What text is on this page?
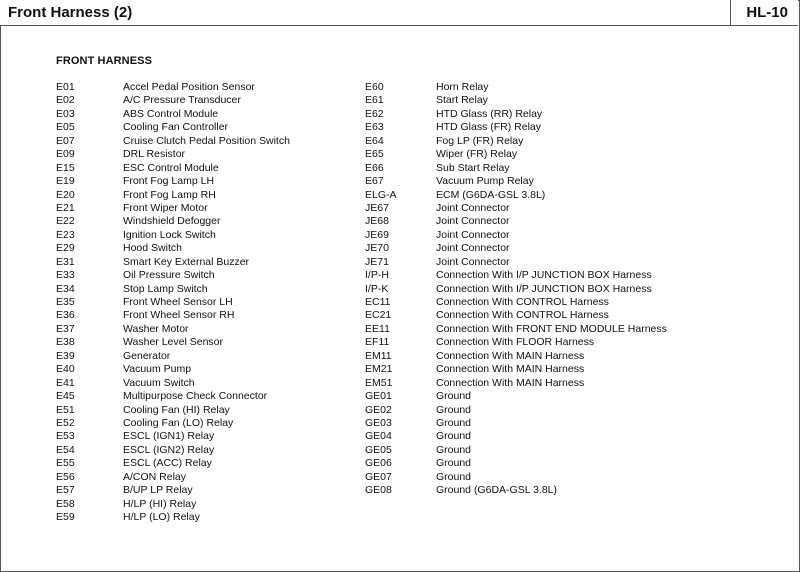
Front Harness (2)	HL-10
FRONT HARNESS
E01	Accel Pedal Position Sensor
E02	A/C Pressure Transducer
E03	ABS Control Module
E05	Cooling Fan Controller
E07	Cruise Clutch Pedal Position Switch
E09	DRL Resistor
E15	ESC Control Module
E19	Front Fog Lamp LH
E20	Front Fog Lamp RH
E21	Front Wiper Motor
E22	Windshield Defogger
E23	Ignition Lock Switch
E29	Hood Switch
E31	Smart Key External Buzzer
E33	Oil Pressure Switch
E34	Stop Lamp Switch
E35	Front Wheel Sensor LH
E36	Front Wheel Sensor RH
E37	Washer Motor
E38	Washer Level Sensor
E39	Generator
E40	Vacuum Pump
E41	Vacuum Switch
E45	Multipurpose Check Connector
E51	Cooling Fan (HI) Relay
E52	Cooling Fan (LO) Relay
E53	ESCL (IGN1) Relay
E54	ESCL (IGN2) Relay
E55	ESCL (ACC) Relay
E56	A/CON Relay
E57	B/UP LP Relay
E58	H/LP (HI) Relay
E59	H/LP (LO) Relay
E60	Horn Relay
E61	Start Relay
E62	HTD Glass (RR) Relay
E63	HTD Glass (FR) Relay
E64	Fog LP (FR) Relay
E65	Wiper (FR) Relay
E66	Sub Start Relay
E67	Vacuum Pump Relay
ELG-A	ECM (G6DA-GSL 3.8L)
JE67	Joint Connector
JE68	Joint Connector
JE69	Joint Connector
JE70	Joint Connector
JE71	Joint Connector
I/P-H	Connection With I/P JUNCTION BOX Harness
I/P-K	Connection With I/P JUNCTION BOX Harness
EC11	Connection With CONTROL Harness
EC21	Connection With CONTROL Harness
EE11	Connection With FRONT END MODULE Harness
EF11	Connection With FLOOR Harness
EM11	Connection With MAIN Harness
EM21	Connection With MAIN Harness
EM51	Connection With MAIN Harness
GE01	Ground
GE02	Ground
GE03	Ground
GE04	Ground
GE05	Ground
GE06	Ground
GE07	Ground
GE08	Ground (G6DA-GSL 3.8L)
